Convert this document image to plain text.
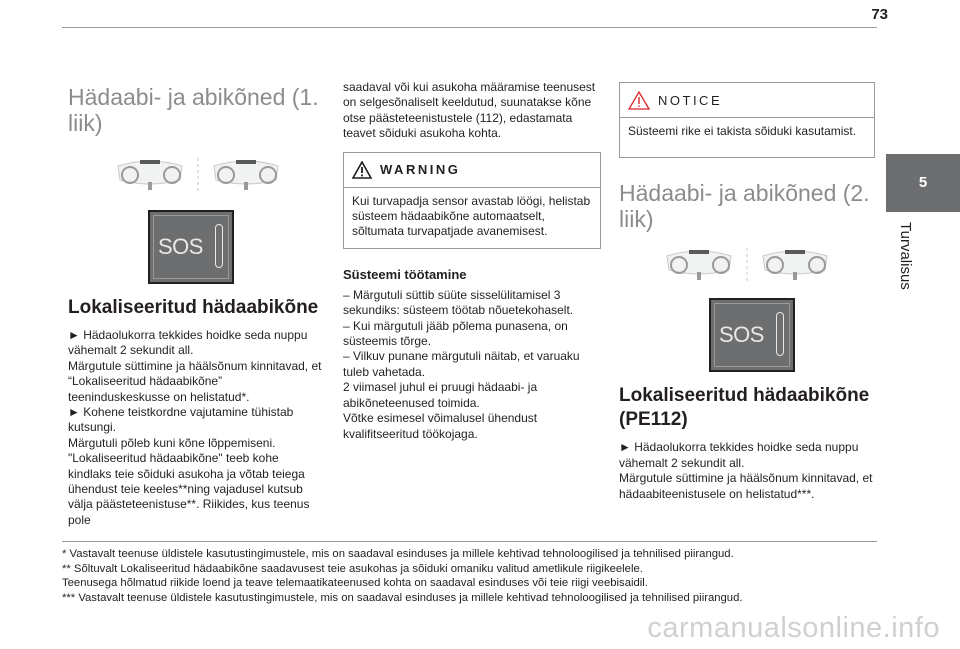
73
5
Turvalisus
Hädaabi- ja abikõned (1. liik)
SOS
Lokaliseeritud hädaabikõne

► Hädaolukorra tekkides hoidke seda nuppu vähemalt 2 sekundit all.

Märgutule süttimine ja häälsõnum kinnitavad, et “Lokaliseeritud hädaabikõne” teeninduskeskusse on helistatud*.

► Kohene teistkordne vajutamine tühistab kutsungi.

Märgutuli põleb kuni kõne lõppemiseni.

"Lokaliseeritud hädaabikõne" teeb kohe kindlaks teie sõiduki asukoha ja võtab teiega ühendust teie keeles**ning vajadusel kutsub välja päästeteenistuse**. Riikides, kus teenus pole

saadaval või kui asukoha määramise teenusest on selgesõnaliselt keeldutud, suunatakse kõne otse päästeteenistustele (112), edastamata teavet sõiduki asukoha kohta.

WARNING

Kui turvapadja sensor avastab löögi, helistab süsteem hädaabikõne automaatselt, sõltumata turvapatjade avanemisest.

Süsteemi töötamine

– Märgutuli süttib süüte sisselülitamisel 3 sekundiks: süsteem töötab nõuetekohaselt.

– Kui märgutuli jääb põlema punasena, on süsteemis tõrge.

– Vilkuv punane märgutuli näitab, et varuaku tuleb vahetada.

2 viimasel juhul ei pruugi hädaabi- ja abikõneteenused toimida.

Võtke esimesel võimalusel ühendust kvalifitseeritud töökojaga.

NOTICE

Süsteemi rike ei takista sõiduki kasutamist.

Hädaabi- ja abikõned (2. liik)
SOS
Lokaliseeritud hädaabikõne (PE112)

► Hädaolukorra tekkides hoidke seda nuppu vähemalt 2 sekundit all.

Märgutule süttimine ja häälsõnum kinnitavad, et hädaabiteenistusele on helistatud***.

* Vastavalt teenuse üldistele kasutustingimustele, mis on saadaval esinduses ja millele kehtivad tehnoloogilised ja tehnilised piirangud.

** Sõltuvalt Lokaliseeritud hädaabikõne saadavusest teie asukohas ja sõiduki omaniku valitud ametlikule riigikeelele.

Teenusega hõlmatud riikide loend ja teave telemaatikateenused kohta on saadaval esinduses või teie riigi veebisaidil.

*** Vastavalt teenuse üldistele kasutustingimustele, mis on saadaval esinduses ja millele kehtivad tehnoloogilised ja tehnilised piirangud.

carmanualsonline.info
